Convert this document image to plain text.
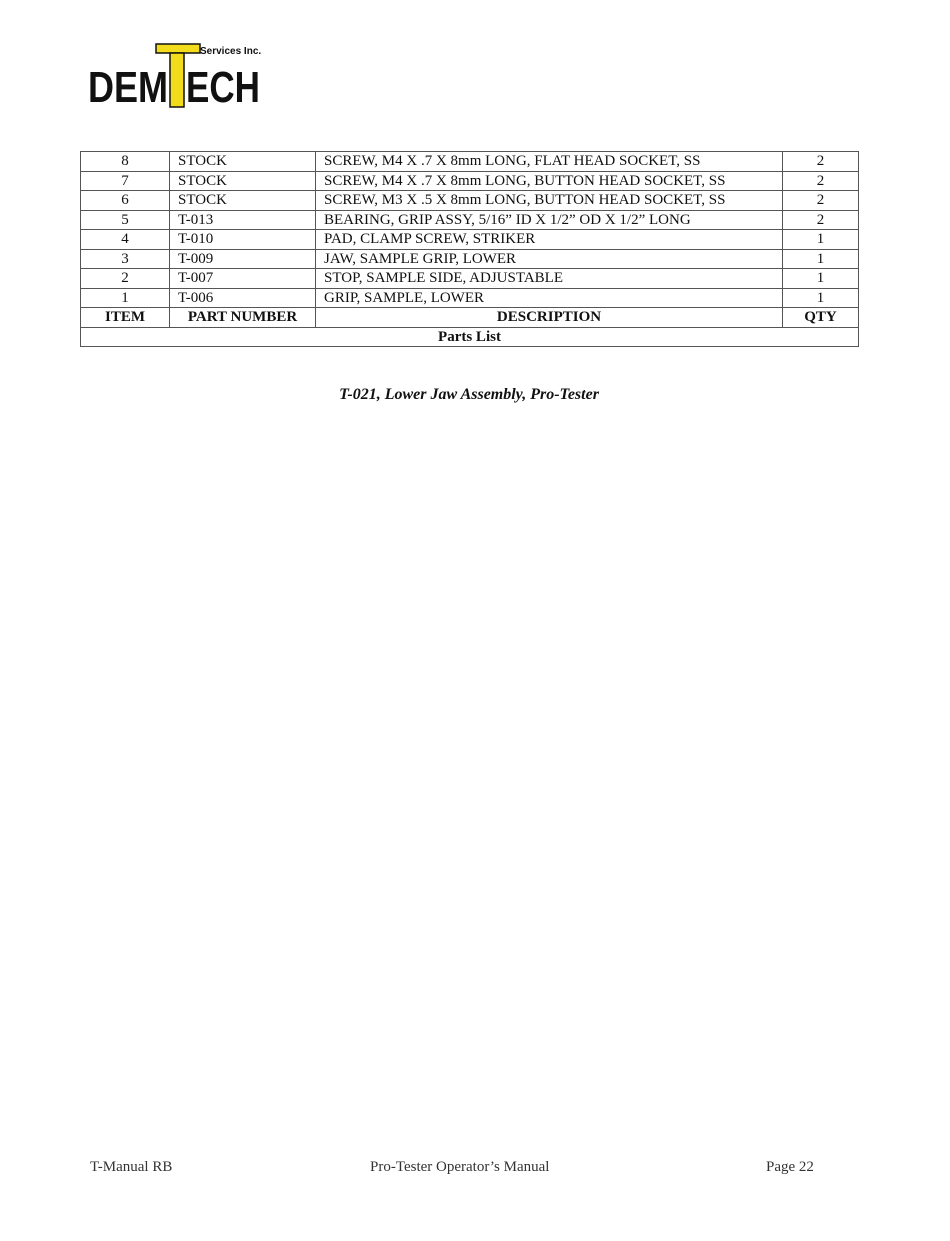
Services Inc.
DEM ECH
8	STOCK	SCREW, M4 X .7 X 8mm LONG, FLAT HEAD SOCKET, SS	2
7	STOCK	SCREW, M4 X .7 X 8mm LONG, BUTTON HEAD SOCKET, SS	2
6	STOCK	SCREW, M3 X .5 X 8mm LONG, BUTTON HEAD SOCKET, SS	2
5	T-013	BEARING, GRIP ASSY, 5/16” ID X 1/2” OD X 1/2” LONG	2
4	T-010	PAD, CLAMP SCREW, STRIKER	1
3	T-009	JAW, SAMPLE GRIP, LOWER	1
2	T-007	STOP, SAMPLE SIDE, ADJUSTABLE	1
1	T-006	GRIP, SAMPLE, LOWER	1
ITEM	PART NUMBER	DESCRIPTION	QTY
Parts List			
T-021, Lower Jaw Assembly, Pro-Tester
T-Manual RB	Pro-Tester Operator’s Manual	Page 22
